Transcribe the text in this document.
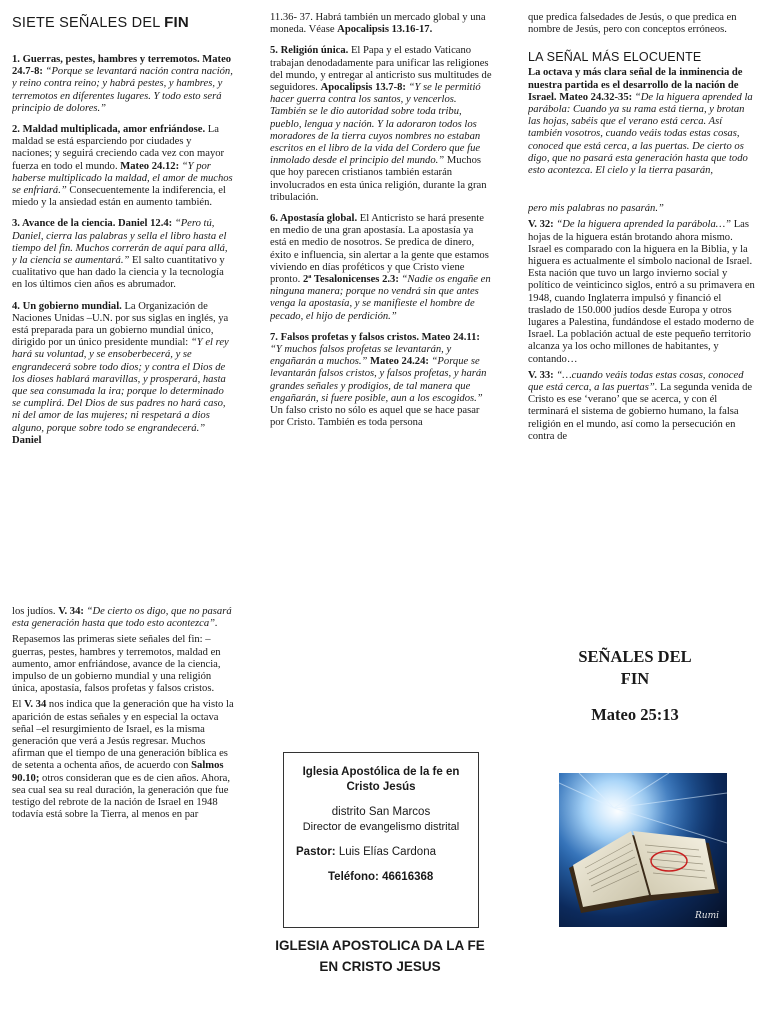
SIETE SEÑALES DEL FIN

1. Guerras, pestes, hambres y terremotos. Mateo
24.7-8: “Porque se levantará nación contra nación, y reino contra reino; y habrá pestes, y hambres, y terremotos en diferentes lugares. Y todo esto será principio de dolores.”

2. Maldad multiplicada, amor enfriándose. La maldad se está esparciendo por ciudades y naciones; y seguirá creciendo cada vez con mayor fuerza en todo el mundo. Mateo 24.12: “Y por haberse multiplicado la maldad, el amor de muchos se enfriará.” Consecuentemente la indiferencia, el miedo y la ansiedad están en aumento también.

3. Avance de la ciencia. Daniel 12.4: “Pero tú, Daniel, cierra las palabras y sella el libro hasta el tiempo del fin. Muchos correrán de aquí para allá, y la ciencia se aumentará.” El salto cuantitativo y cualitativo que han dado la ciencia y la tecnología en los últimos cien años es abrumador.

4. Un gobierno mundial. La Organización de Naciones Unidas –U.N. por sus siglas en inglés, ya está preparada para un gobierno mundial único, dirigido por un único presidente mundial: “Y el rey hará su voluntad, y se ensoberbecerá, y se engrandecerá sobre todo dios; y contra el Dios de los dioses hablará maravillas, y prosperará, hasta que sea consumada la ira; porque lo determinado se cumplirá. Del Dios de sus padres no hará caso, ni del amor de las mujeres; ni respetará a dios alguno, porque sobre todo se engrandecerá.” Daniel

11.36- 37. Habrá también un mercado global y una moneda. Véase Apocalipsis 13.16-17.

5. Religión única. El Papa y el estado Vaticano trabajan denodadamente para unificar las religiones del mundo, y entregar al anticristo sus multitudes de seguidores. Apocalipsis 13.7-8: “Y se le permitió hacer guerra contra los santos, y vencerlos. También se le dio autoridad sobre toda tribu, pueblo, lengua y nación. Y la adoraron todos los moradores de la tierra cuyos nombres no estaban escritos en el libro de la vida del Cordero que fue inmolado desde el principio del mundo.” Muchos que hoy parecen cristianos también estarán involucrados en esta única religión, durante la gran tribulación.

6. Apostasía global. El Anticristo se hará presente en medio de una gran apostasía. La apostasía ya está en medio de nosotros. Se predica de dinero, éxito e influencia, sin alertar a la gente que estamos viviendo en días proféticos y que Cristo viene pronto. 2ª Tesalonicenses 2.3: “Nadie os engañe en ninguna manera; porque no vendrá sin que antes venga la apostasía, y se manifieste el hombre de pecado, el hijo de perdición.”

7. Falsos profetas y falsos cristos. Mateo 24.11: “Y muchos falsos profetas se levantarán, y engañarán a muchos.” Mateo 24.24: “Porque se levantarán falsos cristos, y falsos profetas, y harán grandes señales y prodigios, de tal manera que engañarán, si fuere posible, aun a los escogidos.” Un falso cristo no sólo es aquel que se hace pasar por Cristo. También es toda persona

que predica falsedades de Jesús, o que predica en nombre de Jesús, pero con conceptos erróneos.

LA SEÑAL MÁS ELOCUENTE

La octava y más clara señal de la inminencia de nuestra partida es el desarrollo de la nación de Israel. Mateo 24.32-35: “De la higuera aprended la parábola: Cuando ya su rama está tierna, y brotan las hojas, sabéis que el verano está cerca. Así también vosotros, cuando veáis todas estas cosas, conoced que está cerca, a las puertas. De cierto os digo, que no pasará esta generación hasta que todo esto acontezca. El cielo y la tierra pasarán,

pero mis palabras no pasarán.”

V. 32: “De la higuera aprended la parábola…” Las hojas de la higuera están brotando ahora mismo. Israel es comparado con la higuera en la Biblia, y la higuera es actualmente el símbolo nacional de Israel. Esta nación que tuvo un largo invierno social y político de veinticinco siglos, entró a su primavera en 1948, cuando Inglaterra impulsó y financió el traslado de 150.000 judíos desde Europa y otros lugares a Palestina, fundándose el estado moderno de Israel. La población actual de este pequeño territorio alcanza ya los ocho millones de habitantes, y contando…

V. 33: “…cuando veáis todas estas cosas, conoced que está cerca, a las puertas”. La segunda venida de Cristo es ese ‘verano’ que se acerca, y con él terminará el sistema de gobierno humano, la falsa religión en el mundo, así como la persecución en contra de

los judíos. V. 34: “De cierto os digo, que no pasará esta generación hasta que todo esto acontezca”.

Repasemos las primeras siete señales del fin: – guerras, pestes, hambres y terremotos, maldad en aumento, amor enfriándose, avance de la ciencia, impulso de un gobierno mundial y una religión única, apostasía, falsos profetas y falsos cristos.

El V. 34 nos indica que la generación que ha visto la aparición de estas señales y en especial la octava señal –el resurgimiento de Israel, es la misma generación que verá a Jesús regresar. Muchos afirman que el tiempo de una generación bíblica es de setenta a ochenta años, de acuerdo con Salmos 90.10; otros consideran que es de cien años. Ahora, sea cual sea su real duración, la generación que fue testigo del rebrote de la nación de Israel en 1948 todavía está sobre la Tierra, al menos en par

Iglesia Apostólica de la fe en Cristo Jesús
distrito San Marcos
Director de evangelismo distrital
Pastor: Luis Elías Cardona
Teléfono: 46616368
IGLESIA APOSTOLICA DA LA FE
EN CRISTO JESUS
SEÑALES DEL
FIN
Mateo 25:13
Rumi
